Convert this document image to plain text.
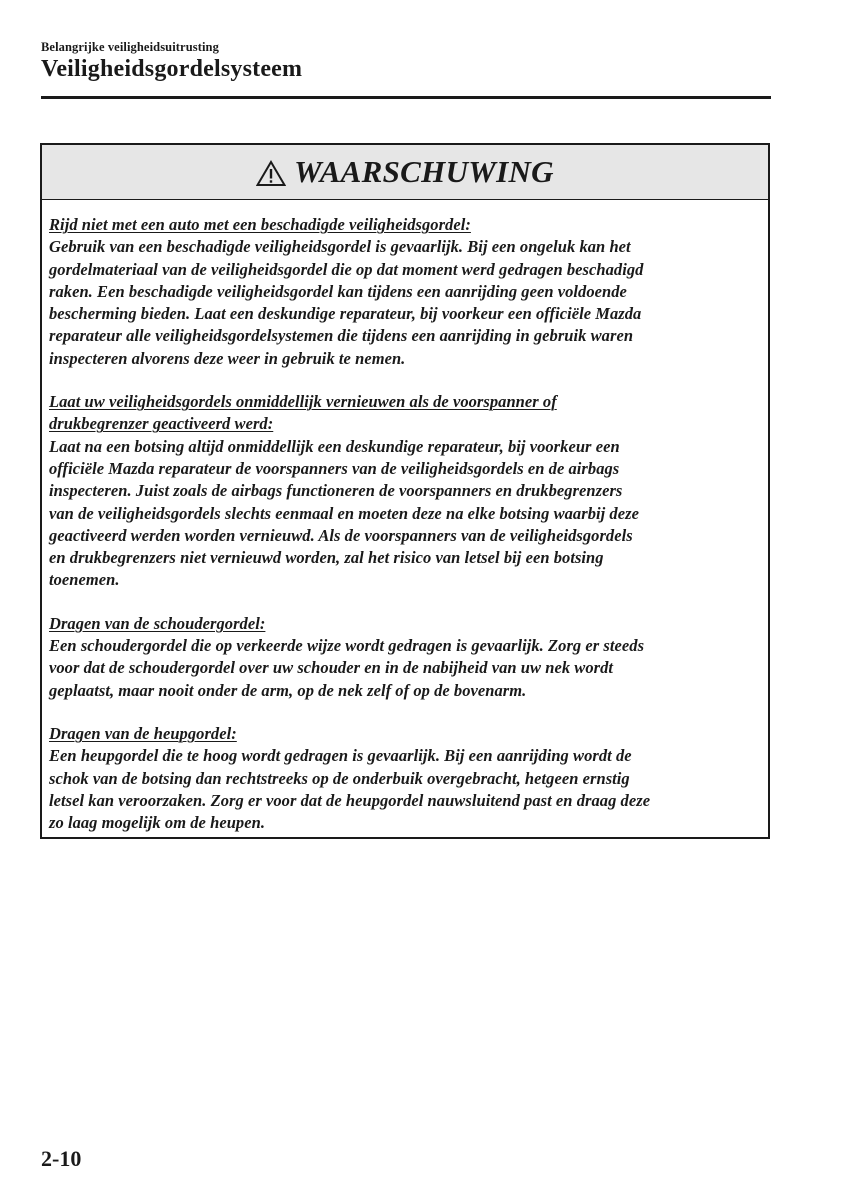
Belangrijke veiligheidsuitrusting
Veiligheidsgordelsysteem
WAARSCHUWING
Rijd niet met een auto met een beschadigde veiligheidsgordel:
Gebruik van een beschadigde veiligheidsgordel is gevaarlijk. Bij een ongeluk kan het
gordelmateriaal van de veiligheidsgordel die op dat moment werd gedragen beschadigd
raken. Een beschadigde veiligheidsgordel kan tijdens een aanrijding geen voldoende
bescherming bieden. Laat een deskundige reparateur, bij voorkeur een officiële Mazda
reparateur alle veiligheidsgordelsystemen die tijdens een aanrijding in gebruik waren
inspecteren alvorens deze weer in gebruik te nemen.
Laat uw veiligheidsgordels onmiddellijk vernieuwen als de voorspanner of
drukbegrenzer geactiveerd werd:
Laat na een botsing altijd onmiddellijk een deskundige reparateur, bij voorkeur een
officiële Mazda reparateur de voorspanners van de veiligheidsgordels en de airbags
inspecteren. Juist zoals de airbags functioneren de voorspanners en drukbegrenzers
van de veiligheidsgordels slechts eenmaal en moeten deze na elke botsing waarbij deze
geactiveerd werden worden vernieuwd. Als de voorspanners van de veiligheidsgordels
en drukbegrenzers niet vernieuwd worden, zal het risico van letsel bij een botsing
toenemen.
Dragen van de schoudergordel:
Een schoudergordel die op verkeerde wijze wordt gedragen is gevaarlijk. Zorg er steeds
voor dat de schoudergordel over uw schouder en in de nabijheid van uw nek wordt
geplaatst, maar nooit onder de arm, op de nek zelf of op de bovenarm.
Dragen van de heupgordel:
Een heupgordel die te hoog wordt gedragen is gevaarlijk. Bij een aanrijding wordt de
schok van de botsing dan rechtstreeks op de onderbuik overgebracht, hetgeen ernstig
letsel kan veroorzaken. Zorg er voor dat de heupgordel nauwsluitend past en draag deze
zo laag mogelijk om de heupen.
2-10
